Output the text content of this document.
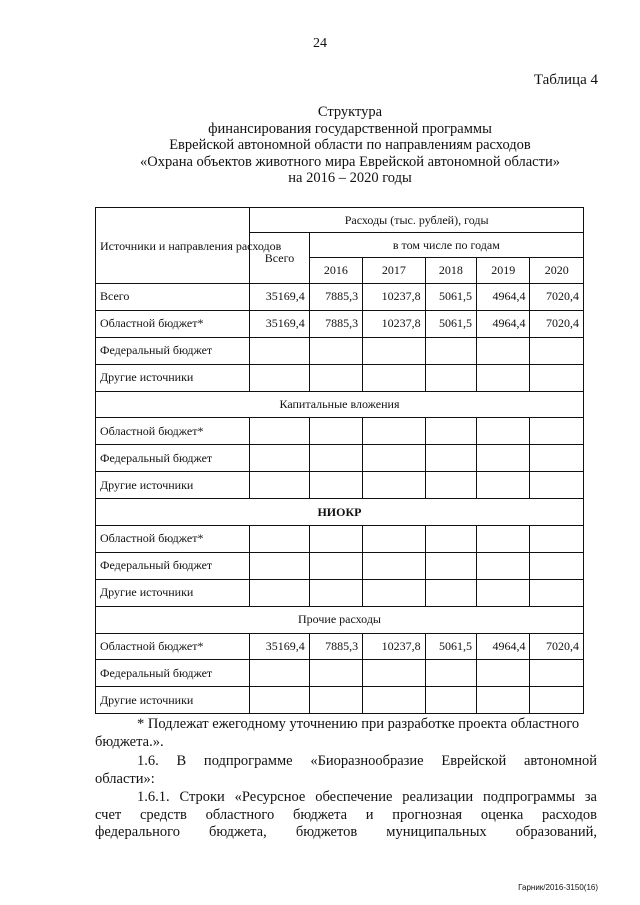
24
Таблица 4
Структура
финансирования государственной программы
Еврейской автономной области по направлениям расходов
«Охрана объектов животного мира Еврейской автономной области»
на 2016 – 2020 годы
Источники и направления расходов	Расходы (тыс. рублей), годы					
	Всего	в том числе по годам				
		2016	2017	2018	2019	2020
Всего	35169,4	7885,3	10237,8	5061,5	4964,4	7020,4
Областной бюджет*	35169,4	7885,3	10237,8	5061,5	4964,4	7020,4
Федеральный бюджет						
Другие источники						
Капитальные вложения						
Областной бюджет*						
Федеральный бюджет						
Другие источники						
НИОКР						
Областной бюджет*						
Федеральный бюджет						
Другие источники						
Прочие расходы						
Областной бюджет*	35169,4	7885,3	10237,8	5061,5	4964,4	7020,4
Федеральный бюджет						
Другие источники						
* Подлежат ежегодному уточнению при разработке проекта областного
бюджета.».
1.6. В подпрограмме «Биоразнообразие Еврейской автономной
области»:
1.6.1. Строки «Ресурсное обеспечение реализации подпрограммы за
счет средств областного бюджета и прогнозная оценка расходов
федерального бюджета, бюджетов муниципальных образований,
Гарник/2016-3150(16)
